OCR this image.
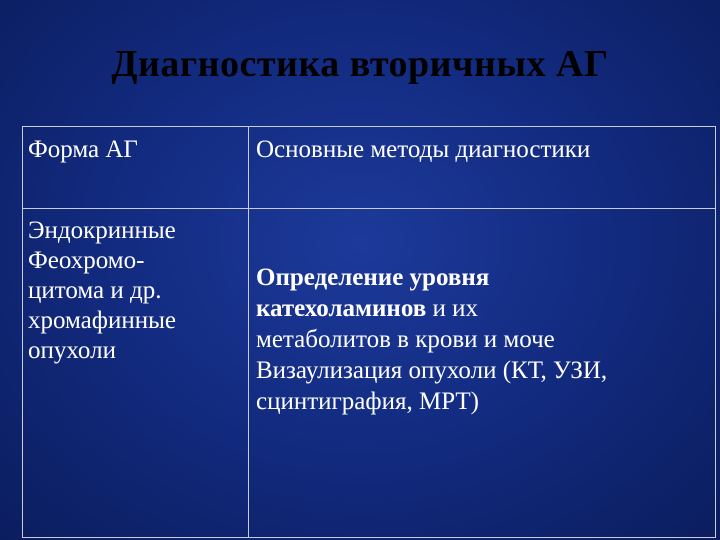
Диагностика вторичных АГ
Форма АГ	Основные методы диагностики
Эндокринные
Феохромо-
цитома и др.
хромафинные
опухоли
Определение уровня
катехоламинов и их
метаболитов в крови и моче
Визаулизация опухоли (КТ, УЗИ,
сцинтиграфия, МРТ)
